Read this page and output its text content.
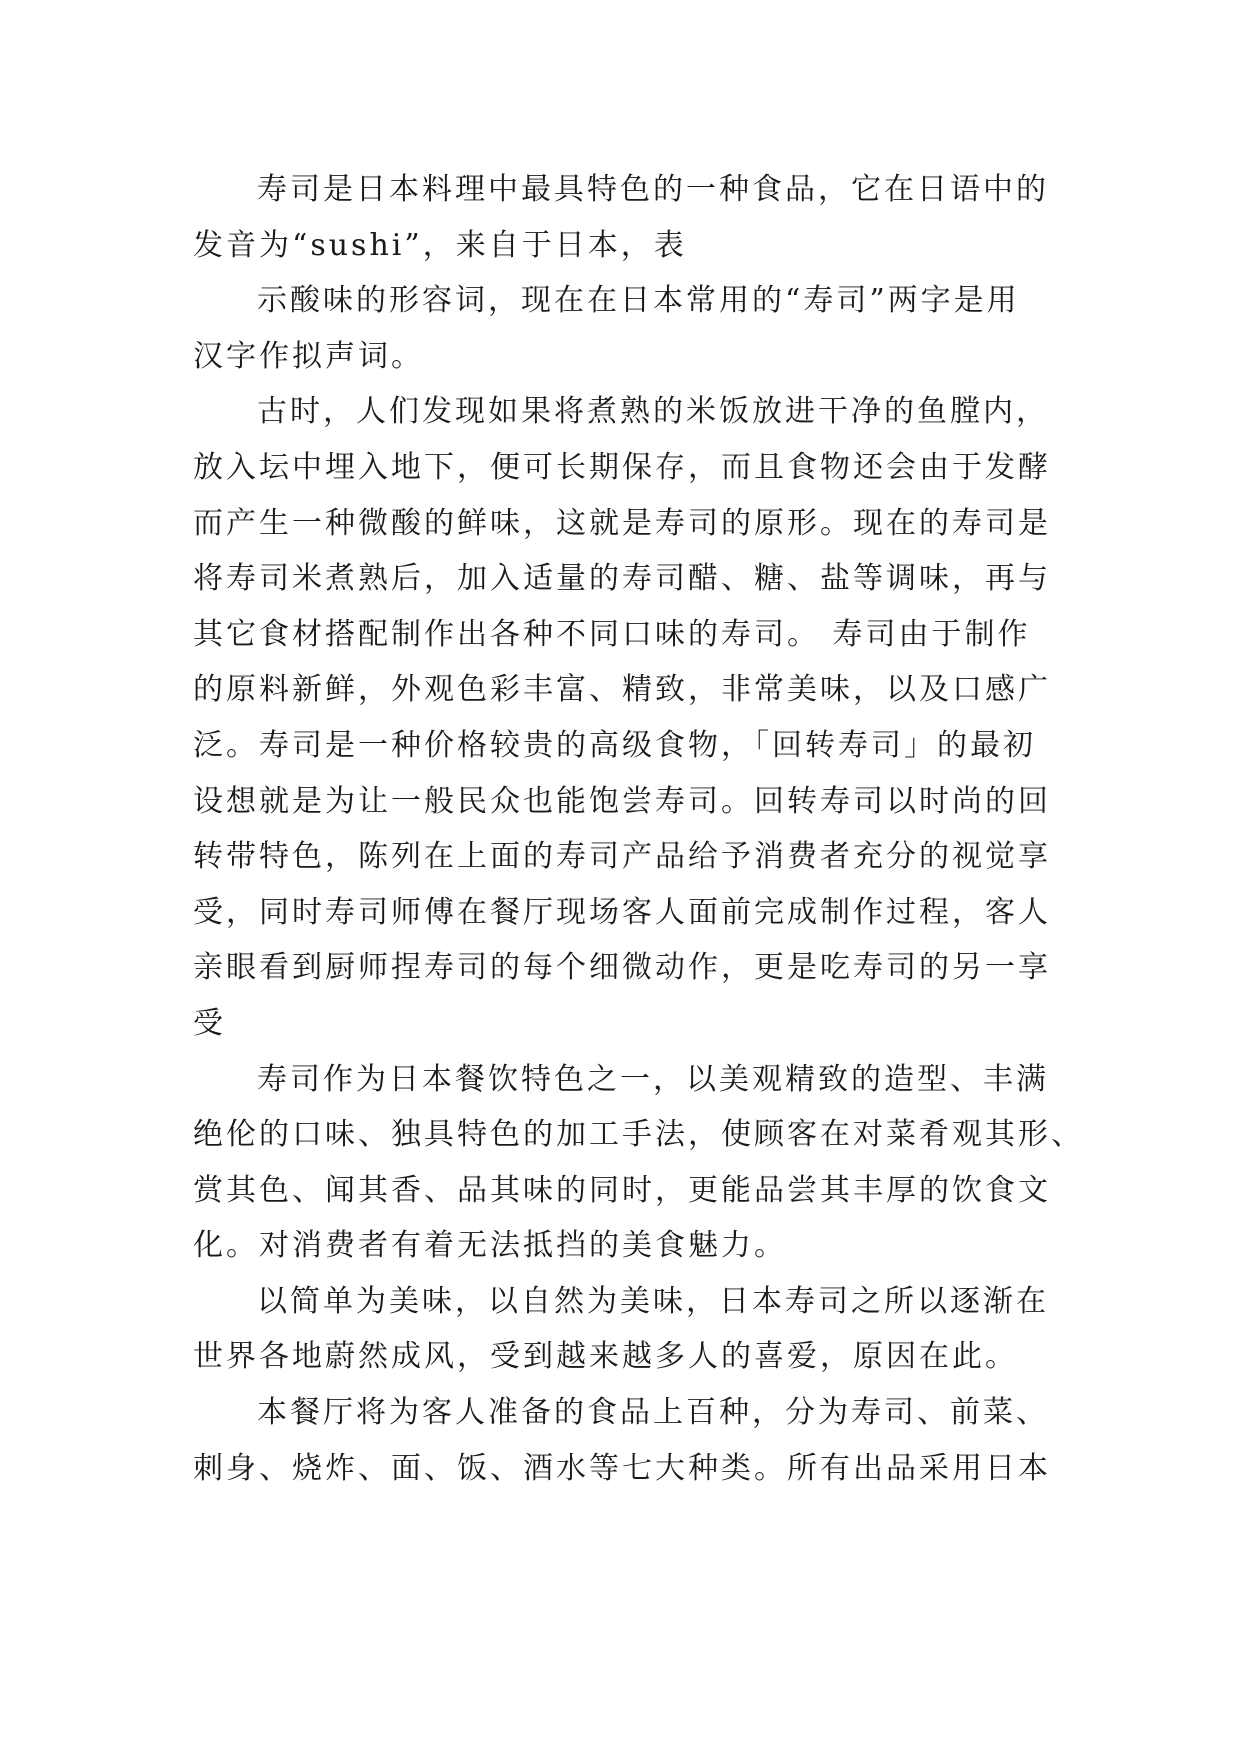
寿司是日本料理中最具特色的一种食品，它在日语中的
发音为“sushi”，来自于日本，表
示酸味的形容词，现在在日本常用的“寿司”两字是用
汉字作拟声词。
古时，人们发现如果将煮熟的米饭放进干净的鱼膛内，
放入坛中埋入地下，便可长期保存，而且食物还会由于发酵
而产生一种微酸的鲜味，这就是寿司的原形。现在的寿司是
将寿司米煮熟后，加入适量的寿司醋、糖、盐等调味，再与
其它食材搭配制作出各种不同口味的寿司。 寿司由于制作
的原料新鲜，外观色彩丰富、精致，非常美味，以及口感广
泛。寿司是一种价格较贵的高级食物，「回转寿司」的最初
设想就是为让一般民众也能饱尝寿司。回转寿司以时尚的回
转带特色，陈列在上面的寿司产品给予消费者充分的视觉享
受，同时寿司师傅在餐厅现场客人面前完成制作过程，客人
亲眼看到厨师捏寿司的每个细微动作，更是吃寿司的另一享
受
寿司作为日本餐饮特色之一，以美观精致的造型、丰满
绝伦的口味、独具特色的加工手法，使顾客在对菜肴观其形、
赏其色、闻其香、品其味的同时，更能品尝其丰厚的饮食文
化。对消费者有着无法抵挡的美食魅力。
以简单为美味，以自然为美味，日本寿司之所以逐渐在
世界各地蔚然成风，受到越来越多人的喜爱，原因在此。
本餐厅将为客人准备的食品上百种，分为寿司、前菜、
刺身、烧炸、面、饭、酒水等七大种类。所有出品采用日本
